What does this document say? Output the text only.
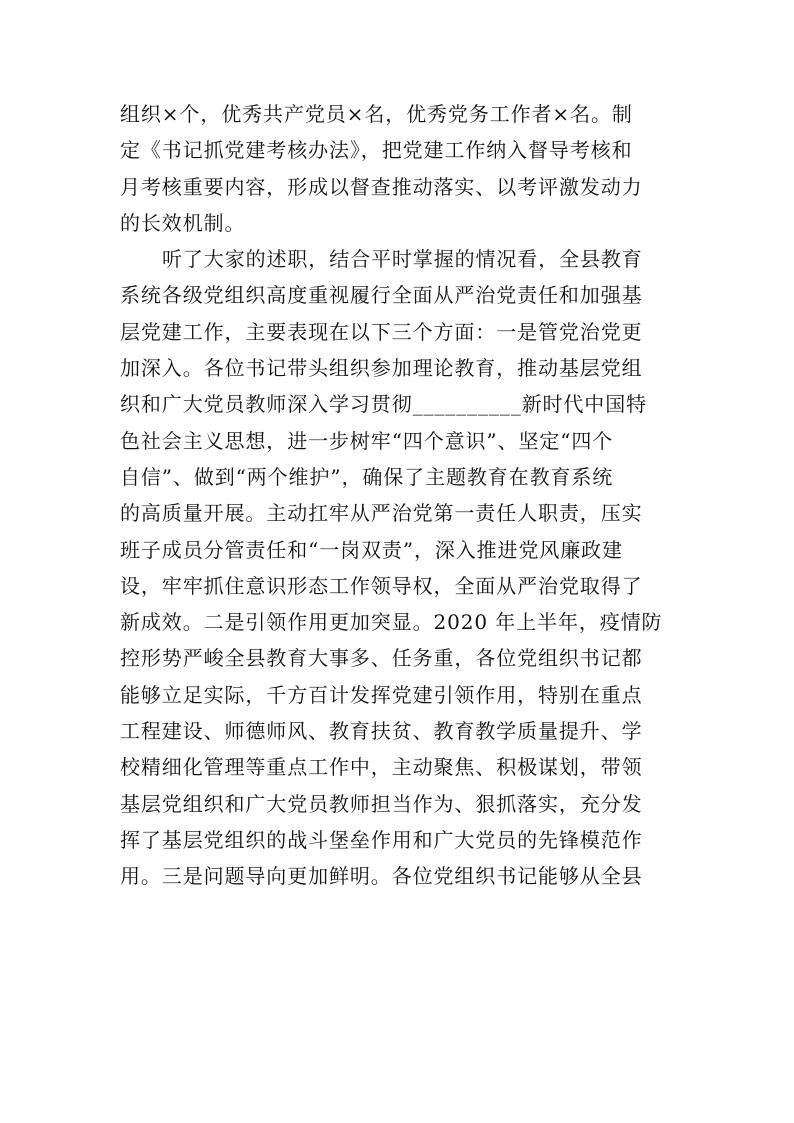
组织×个，优秀共产党员×名，优秀党务工作者×名。制
定《书记抓党建考核办法》，把党建工作纳入督导考核和
月考核重要内容，形成以督查推动落实、以考评激发动力
的长效机制。
听了大家的述职，结合平时掌握的情况看，全县教育
系统各级党组织高度重视履行全面从严治党责任和加强基
层党建工作，主要表现在以下三个方面：一是管党治党更
加深入。各位书记带头组织参加理论教育，推动基层党组
织和广大党员教师深入学习贯彻__________新时代中国特
色社会主义思想，进一步树牢“四个意识”、坚定“四个
自信”、做到“两个维护”，确保了主题教育在教育系统
的高质量开展。主动扛牢从严治党第一责任人职责，压实
班子成员分管责任和“一岗双责”，深入推进党风廉政建
设，牢牢抓住意识形态工作领导权，全面从严治党取得了
新成效。二是引领作用更加突显。2020 年上半年，疫情防
控形势严峻全县教育大事多、任务重，各位党组织书记都
能够立足实际，千方百计发挥党建引领作用，特别在重点
工程建设、师德师风、教育扶贫、教育教学质量提升、学
校精细化管理等重点工作中，主动聚焦、积极谋划，带领
基层党组织和广大党员教师担当作为、狠抓落实，充分发
挥了基层党组织的战斗堡垒作用和广大党员的先锋模范作
用。三是问题导向更加鲜明。各位党组织书记能够从全县
